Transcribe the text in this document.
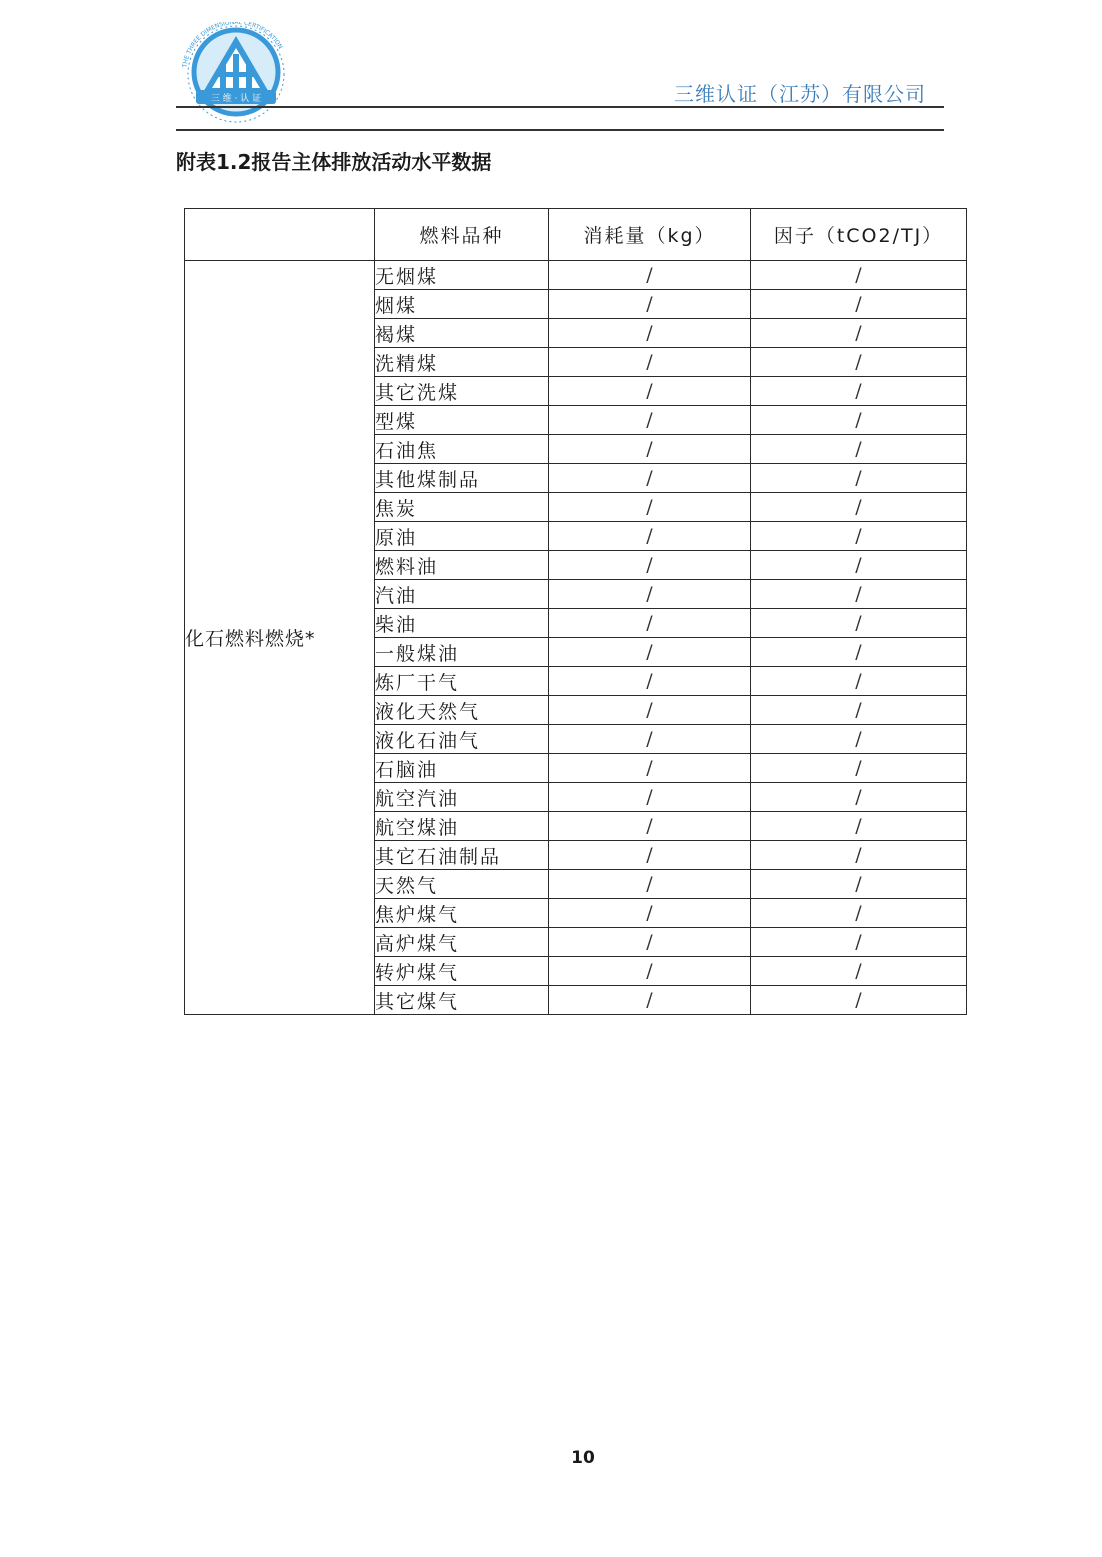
三 维 · 认 证
THE THREE DIMENSIONAL CERTIFICATION
三维认证（江苏）有限公司
附表1.2报告主体排放活动水平数据
	燃料品种	消耗量（kg）	因子（tCO2/TJ）
化石燃料燃烧*	无烟煤	/	/
	烟煤	/	/
	褐煤	/	/
	洗精煤	/	/
	其它洗煤	/	/
	型煤	/	/
	石油焦	/	/
	其他煤制品	/	/
	焦炭	/	/
	原油	/	/
	燃料油	/	/
	汽油	/	/
	柴油	/	/
	一般煤油	/	/
	炼厂干气	/	/
	液化天然气	/	/
	液化石油气	/	/
	石脑油	/	/
	航空汽油	/	/
	航空煤油	/	/
	其它石油制品	/	/
	天然气	/	/
	焦炉煤气	/	/
	高炉煤气	/	/
	转炉煤气	/	/
	其它煤气	/	/
10
